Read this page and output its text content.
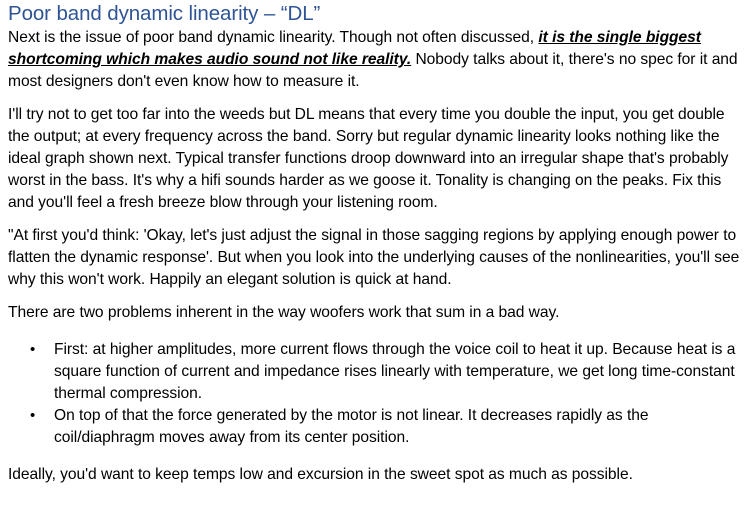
Poor band dynamic linearity – “DL”

Next is the issue of poor band dynamic linearity. Though not often discussed, it is the single biggest shortcoming which makes audio sound not like reality. Nobody talks about it, there's no spec for it and most designers don't even know how to measure it.

I'll try not to get too far into the weeds but DL means that every time you double the input, you get double the output; at every frequency across the band. Sorry but regular dynamic linearity looks nothing like the ideal graph shown next. Typical transfer functions droop downward into an irregular shape that's probably worst in the bass. It's why a hifi sounds harder as we goose it. Tonality is changing on the peaks. Fix this and you'll feel a fresh breeze blow through your listening room.

"At first you'd think: 'Okay, let's just adjust the signal in those sagging regions by applying enough power to flatten the dynamic response'. But when you look into the underlying causes of the nonlinearities, you'll see why this won't work. Happily an elegant solution is quick at hand.

There are two problems inherent in the way woofers work that sum in a bad way.

• First: at higher amplitudes, more current flows through the voice coil to heat it up. Because heat is a square function of current and impedance rises linearly with temperature, we get long time-constant thermal compression.
• On top of that the force generated by the motor is not linear. It decreases rapidly as the coil/diaphragm moves away from its center position.

Ideally, you'd want to keep temps low and excursion in the sweet spot as much as possible.
